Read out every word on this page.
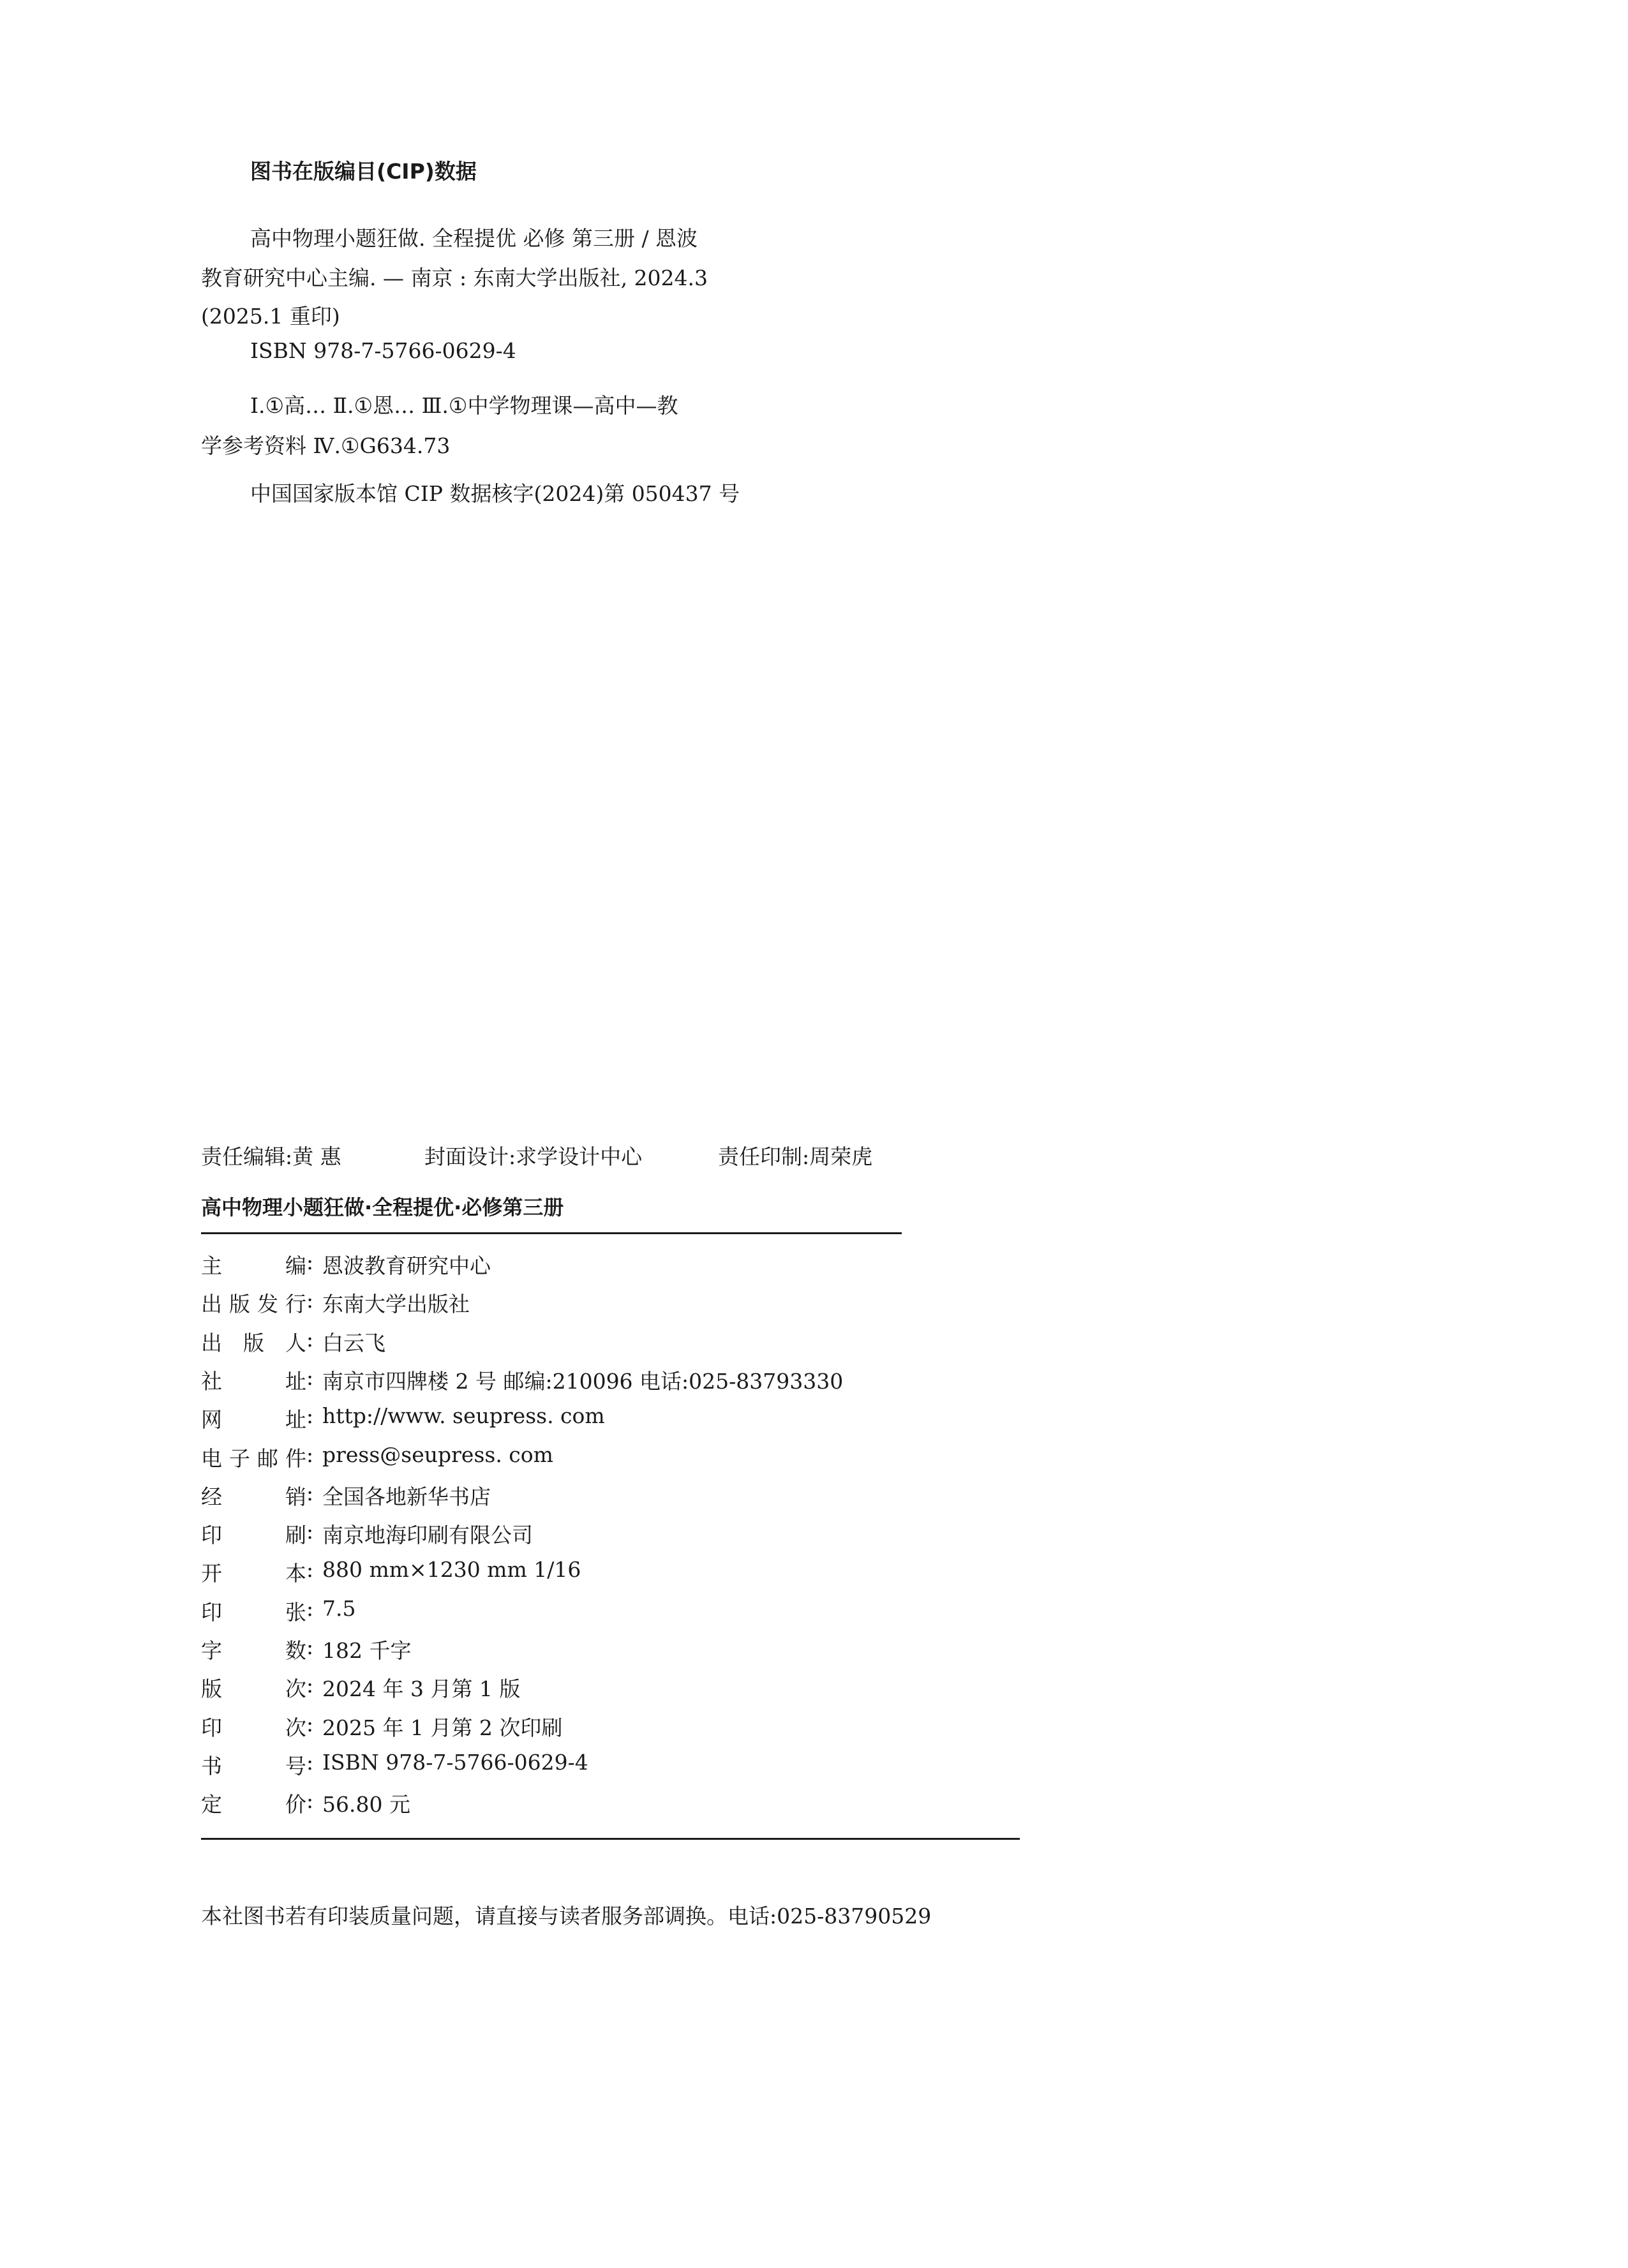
图书在版编目(CIP)数据
高中物理小题狂做. 全程提优 必修 第三册 / 恩波
教育研究中心主编. — 南京 : 东南大学出版社, 2024.3
(2025.1 重印)
ISBN 978-7-5766-0629-4
Ⅰ.①高… Ⅱ.①恩… Ⅲ.①中学物理课—高中—教
学参考资料 Ⅳ.①G634.73
中国国家版本馆 CIP 数据核字(2024)第 050437 号
责任编辑:黄 惠	封面设计:求学设计中心	责任印制:周荣虎
高中物理小题狂做·全程提优·必修第三册
主	编 : 恩波教育研究中心
出 版 发 行 : 东南大学出版社
出 版 人 : 白云飞
社	址 : 南京市四牌楼 2 号 邮编:210096 电话:025-83793330
网	址 : http://www. seupress. com
电 子 邮 件 : press@seupress. com
经	销 : 全国各地新华书店
印	刷 : 南京地海印刷有限公司
开	本 : 880 mm×1230 mm 1/16
印	张 : 7.5
字	数 : 182 千字
版	次 : 2024 年 3 月第 1 版
印	次 : 2025 年 1 月第 2 次印刷
书	号 : ISBN 978-7-5766-0629-4
定	价 : 56.80 元
本社图书若有印装质量问题，请直接与读者服务部调换。电话:025-83790529
